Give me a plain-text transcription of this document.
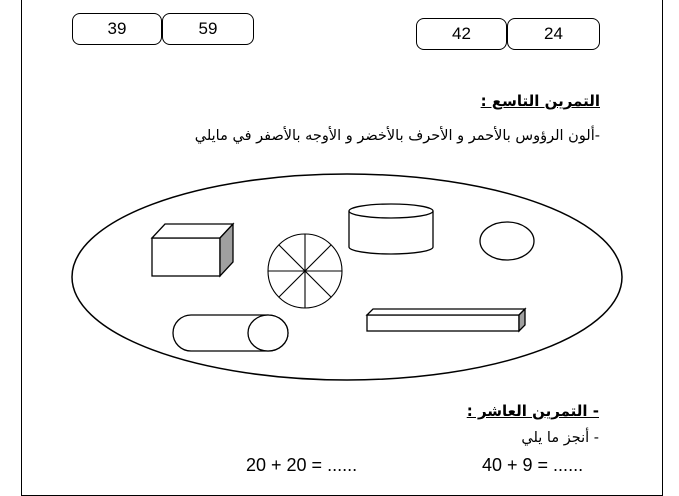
39	59	42	24
التمرين التاسع :
-ألون الرؤوس بالأحمر و الأحرف بالأخضر و الأوجه بالأصفر في مايلي
- التمرين العاشر :
- أنجز ما يلي
20 + 20 = ......	40 + 9 = ......
